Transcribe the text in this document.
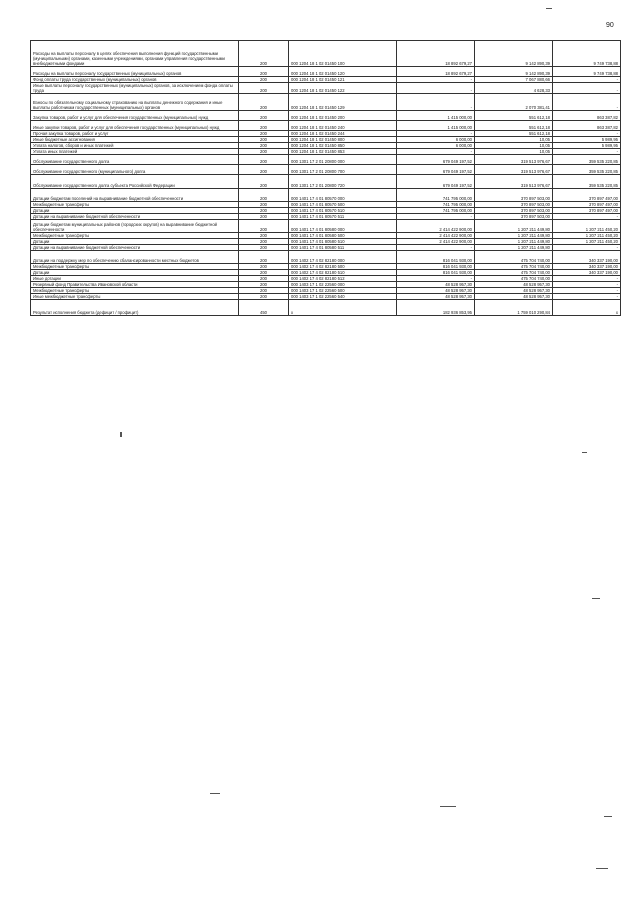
90
Расходы на выплаты персоналу в целях обеспечения выполнения функций государственными (муниципальными) органами, казенными учреждениями, органами управления государственными внебюджетными фондами	200	000 1204 18 1 02 01450 100	18 892 679,27	9 142 890,39	9 749 738,88
Расходы на выплаты персоналу государственных (муниципальных) органов	200	000 1204 18 1 02 01450 120	18 892 679,27	9 142 890,39	9 749 738,88
Фонд оплаты труда государственных (муниципальных) органов	200	000 1204 18 1 02 01450 121	-	7 067 880,66	-
Иные выплаты персоналу государственных (муниципальных) органов, за исключением фонда оплаты труда	200	000 1204 18 1 02 01450 122	-	4 628,33	-
Взносы по обязательному социальному страхованию на выплаты денежного содержания и иные выплаты работникам государственных (муниципальных) органов	200	000 1204 18 1 02 01450 129	-	2 070 381,41	-
Закупка товаров, работ и услуг для обеспечения государственных (муниципальных) нужд	200	000 1204 18 1 02 01450 200	1 415 000,00	551 612,18	863 387,82
Иные закупки товаров, работ и услуг для обеспечения государственных (муниципальных) нужд	200	000 1204 18 1 02 01450 240	1 415 000,00	551 612,18	863 387,82
Прочая закупка товаров, работ и услуг	200	000 1204 18 1 02 01450 244	-	551 612,18	-
Иные бюджетные ассигнования	200	000 1204 18 1 02 01450 800	6 000,00	10,05	5 989,95
Уплата налогов, сборов и иных платежей	200	000 1204 18 1 02 01450 850	6 000,00	10,05	5 989,95
Уплата иных платежей	200	000 1204 18 1 02 01450 853	-	10,05	-
Обслуживание государственного долга	200	000 1301 17 2 01 20800 000	679 049 197,52	319 513 976,67	359 535 220,85
Обслуживание государственного (муниципального) долга	200	000 1301 17 2 01 20800 700	679 049 197,52	319 513 976,67	359 535 220,85
Обслуживание государственного долга субъекта Российской Федерации	200	000 1301 17 2 01 20800 720	679 049 197,52	319 513 976,67	359 535 220,85
Дотации бюджетам поселений на выравнивание бюджетной обеспеченности	200	000 1401 17 4 01 80570 000	741 795 000,00	370 897 503,00	370 897 497,00
Межбюджетные трансферты	200	000 1401 17 4 01 80570 500	741 795 000,00	370 897 503,00	370 897 497,00
Дотации	200	000 1401 17 4 01 80570 510	741 795 000,00	370 897 503,00	370 897 497,00
Дотации на выравнивание бюджетной обеспеченности	200	000 1401 17 4 01 80570 511	-	370 897 503,00	-
Дотации бюджетам муниципальных районов (городских округов) на выравнивание бюджетной обеспеченности	200	000 1401 17 4 01 80580 000	2 414 422 900,00	1 207 211 449,80	1 207 211 450,20
Межбюджетные трансферты	200	000 1401 17 4 01 80580 500	2 414 422 900,00	1 207 211 449,80	1 207 211 450,20
Дотации	200	000 1401 17 4 01 80580 510	2 414 422 900,00	1 207 211 449,80	1 207 211 450,20
Дотации на выравнивание бюджетной обеспеченности	200	000 1401 17 4 01 80580 511	-	1 207 211 449,80	-
Дотации на поддержку мер по обеспечению сбалансированности местных бюджетов	200	000 1402 17 4 02 82180 000	816 041 930,00	475 704 740,00	340 337 190,00
Межбюджетные трансферты	200	000 1402 17 4 02 82180 500	816 041 930,00	475 704 740,00	340 337 190,00
Дотации	200	000 1402 17 4 02 82180 510	816 041 930,00	475 704 740,00	340 337 190,00
Иные дотации	200	000 1402 17 4 02 82180 512	-	475 704 740,00	-
Резервный фонд Правительства Ивановской области	200	000 1403 17 1 02 22560 000	48 528 957,30	48 528 957,30	-
Межбюджетные трансферты	200	000 1403 17 1 02 22560 500	48 528 957,30	48 528 957,30	-
Иные межбюджетные трансферты	200	000 1403 17 1 02 22560 540	48 528 957,30	48 528 957,30	-
Результат исполнения бюджета (дефицит / профицит)	450	x	182 936 853,95	1 759 010 290,84	x
